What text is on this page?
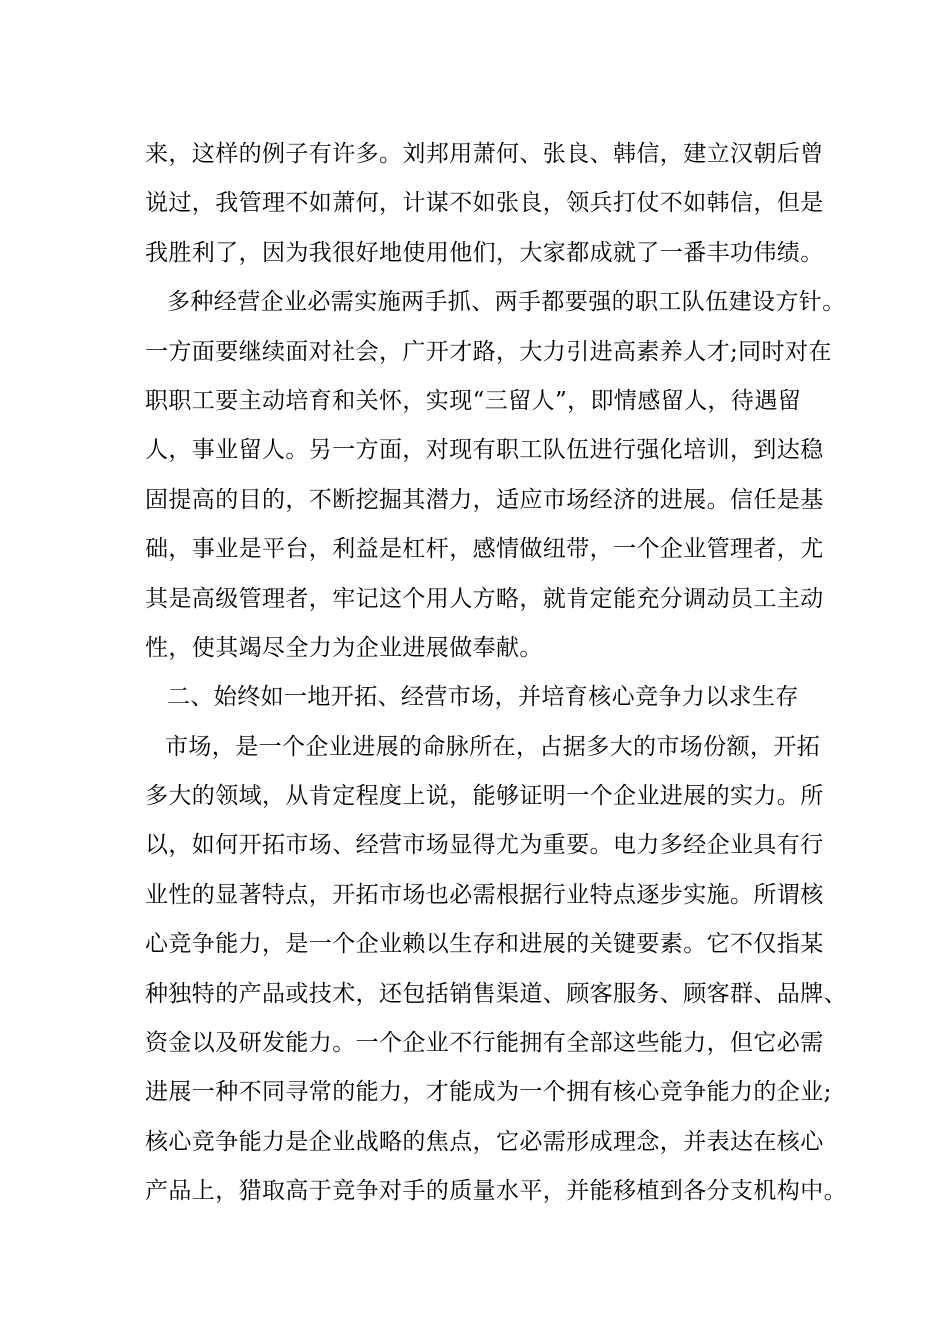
来，这样的例子有许多。刘邦用萧何、张良、韩信，建立汉朝后曾
说过，我管理不如萧何，计谋不如张良，领兵打仗不如韩信，但是
我胜利了，因为我很好地使用他们，大家都成就了一番丰功伟绩。
多种经营企业必需实施两手抓、两手都要强的职工队伍建设方针。
一方面要继续面对社会，广开才路，大力引进高素养人才;同时对在
职职工要主动培育和关怀，实现“三留人”，即情感留人，待遇留
人，事业留人。另一方面，对现有职工队伍进行强化培训，到达稳
固提高的目的，不断挖掘其潜力，适应市场经济的进展。信任是基
础，事业是平台，利益是杠杆，感情做纽带，一个企业管理者，尤
其是高级管理者，牢记这个用人方略，就肯定能充分调动员工主动
性，使其竭尽全力为企业进展做奉献。
二、始终如一地开拓、经营市场，并培育核心竞争力以求生存
市场，是一个企业进展的命脉所在，占据多大的市场份额，开拓
多大的领域，从肯定程度上说，能够证明一个企业进展的实力。所
以，如何开拓市场、经营市场显得尤为重要。电力多经企业具有行
业性的显著特点，开拓市场也必需根据行业特点逐步实施。所谓核
心竞争能力，是一个企业赖以生存和进展的关键要素。它不仅指某
种独特的产品或技术，还包括销售渠道、顾客服务、顾客群、品牌、
资金以及研发能力。一个企业不行能拥有全部这些能力，但它必需
进展一种不同寻常的能力，才能成为一个拥有核心竞争能力的企业;
核心竞争能力是企业战略的焦点，它必需形成理念，并表达在核心
产品上，猎取高于竞争对手的质量水平，并能移植到各分支机构中。
